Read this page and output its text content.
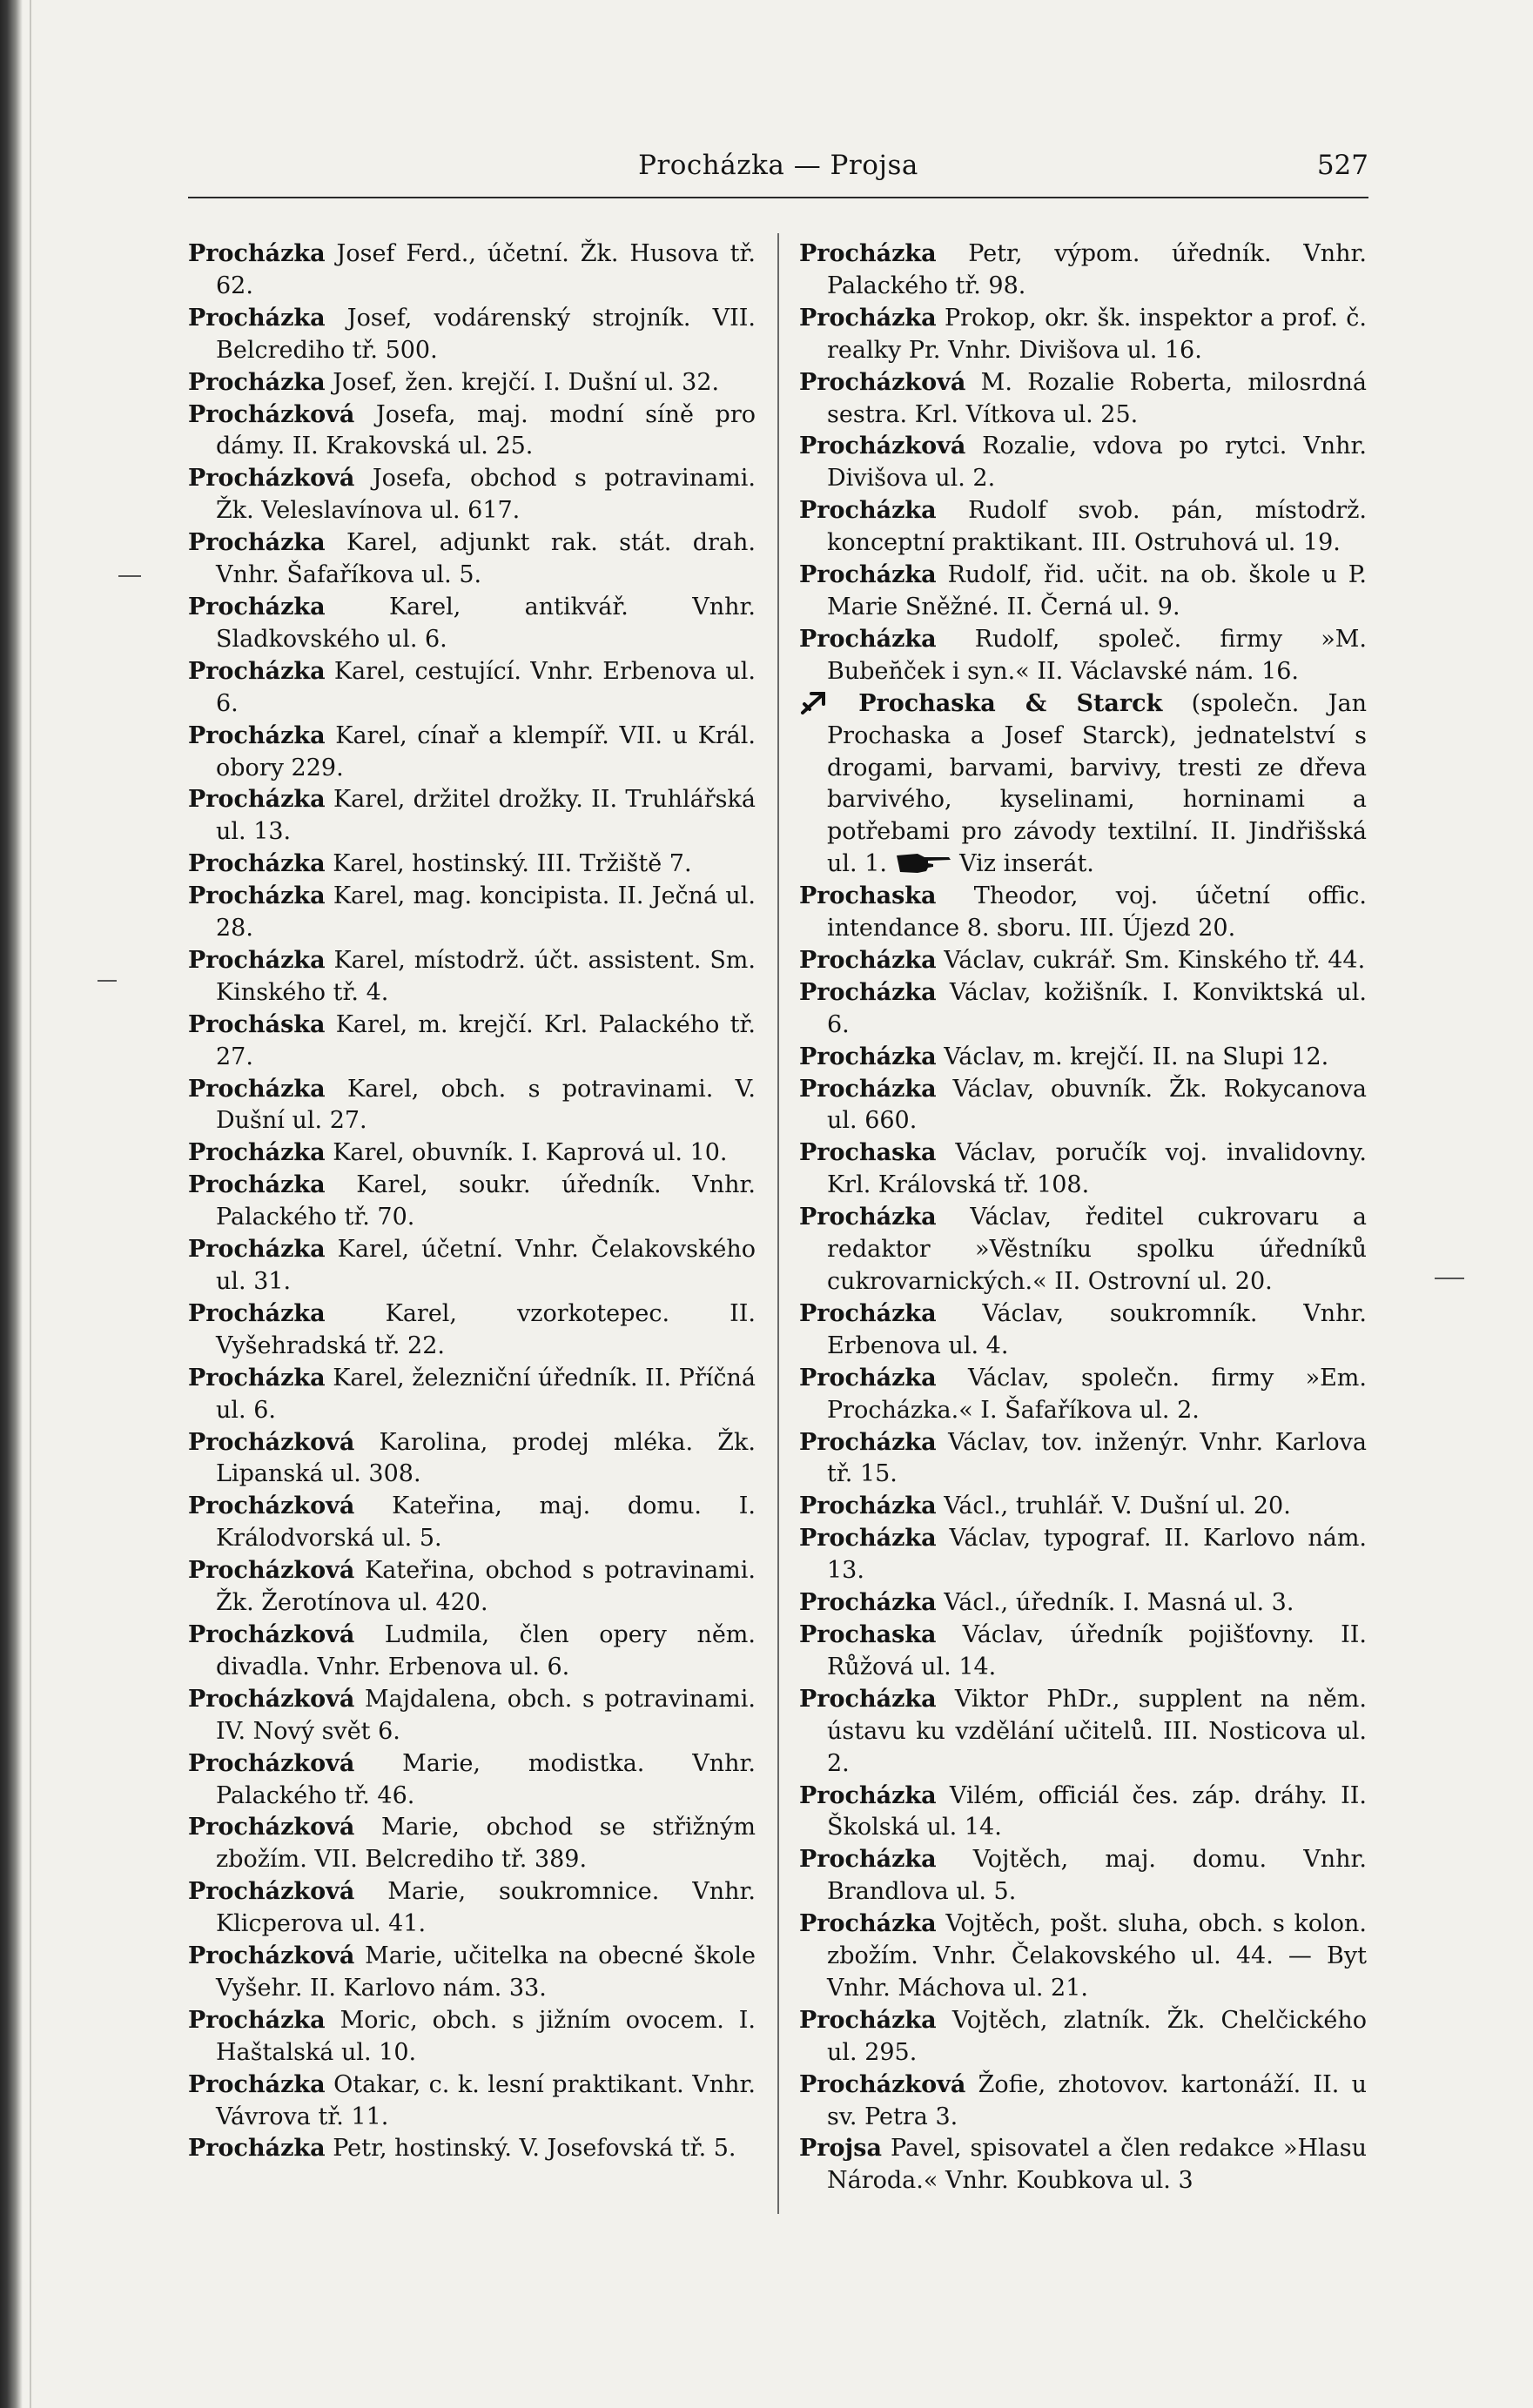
Procházka — Projsa	527

Procházka Josef Ferd., účetní. Žk. Husova tř. 62.

Procházka Josef, vodárenský strojník. VII. Belcrediho tř. 500.

Procházka Josef, žen. krejčí. I. Dušní ul. 32.

Procházková Josefa, maj. modní síně pro dámy. II. Krakovská ul. 25.

Procházková Josefa, obchod s potravinami. Žk. Veleslavínova ul. 617.

Procházka Karel, adjunkt rak. stát. drah. Vnhr. Šafaříkova ul. 5.

Procházka Karel, antikvář. Vnhr. Sladkovského ul. 6.

Procházka Karel, cestující. Vnhr. Erbenova ul. 6.

Procházka Karel, cínař a klempíř. VII. u Král. obory 229.

Procházka Karel, držitel drožky. II. Truhlářská ul. 13.

Procházka Karel, hostinský. III. Tržiště 7.

Procházka Karel, mag. koncipista. II. Ječná ul. 28.

Procházka Karel, místodrž. účt. assistent. Sm. Kinského tř. 4.

Procháska Karel, m. krejčí. Krl. Palackého tř. 27.

Procházka Karel, obch. s potravinami. V. Dušní ul. 27.

Procházka Karel, obuvník. I. Kaprová ul. 10.

Procházka Karel, soukr. úředník. Vnhr. Palackého tř. 70.

Procházka Karel, účetní. Vnhr. Čelakovského ul. 31.

Procházka Karel, vzorkotepec. II. Vyšehradská tř. 22.

Procházka Karel, železniční úředník. II. Příčná ul. 6.

Procházková Karolina, prodej mléka. Žk. Lipanská ul. 308.

Procházková Kateřina, maj. domu. I. Králodvorská ul. 5.

Procházková Kateřina, obchod s potravinami. Žk. Žerotínova ul. 420.

Procházková Ludmila, člen opery něm. divadla. Vnhr. Erbenova ul. 6.

Procházková Majdalena, obch. s potravinami. IV. Nový svět 6.

Procházková Marie, modistka. Vnhr. Palackého tř. 46.

Procházková Marie, obchod se střižným zbožím. VII. Belcrediho tř. 389.

Procházková Marie, soukromnice. Vnhr. Klicperova ul. 41.

Procházková Marie, učitelka na obecné škole Vyšehr. II. Karlovo nám. 33.

Procházka Moric, obch. s jižním ovocem. I. Haštalská ul. 10.

Procházka Otakar, c. k. lesní praktikant. Vnhr. Vávrova tř. 11.

Procházka Petr, hostinský. V. Josefovská tř. 5.

Procházka Petr, výpom. úředník. Vnhr. Palackého tř. 98.

Procházka Prokop, okr. šk. inspektor a prof. č. realky Pr. Vnhr. Divišova ul. 16.

Procházková M. Rozalie Roberta, milosrdná sestra. Krl. Vítkova ul. 25.

Procházková Rozalie, vdova po rytci. Vnhr. Divišova ul. 2.

Procházka Rudolf svob. pán, místodrž. konceptní praktikant. III. Ostruhová ul. 19.

Procházka Rudolf, řid. učit. na ob. škole u P. Marie Sněžné. II. Černá ul. 9.

Procházka Rudolf, společ. firmy »M. Buben̆ček i syn.« II. Václavské nám. 16.

Prochaska & Starck (společn. Jan Prochaska a Josef Starck), jednatelství s drogami, barvami, barvivy, tresti ze dřeva barvivého, kyselinami, horninami a potřebami pro závody textilní. II. Jindřišská ul. 1.	Viz inserát.

Prochaska Theodor, voj. účetní offic. intendance 8. sboru. III. Újezd 20.

Procházka Václav, cukrář. Sm. Kinského tř. 44.

Procházka Václav, kožišník. I. Konviktská ul. 6.

Procházka Václav, m. krejčí. II. na Slupi 12.

Procházka Václav, obuvník. Žk. Rokycanova ul. 660.

Prochaska Václav, poručík voj. invalidovny. Krl. Královská tř. 108.

Procházka Václav, ředitel cukrovaru a redaktor »Věstníku spolku úředníků cukrovarnických.« II. Ostrovní ul. 20.

Procházka Václav, soukromník. Vnhr. Erbenova ul. 4.

Procházka Václav, společn. firmy »Em. Procházka.« I. Šafaříkova ul. 2.

Procházka Václav, tov. inženýr. Vnhr. Karlova tř. 15.

Procházka Václ., truhlář. V. Dušní ul. 20.

Procházka Václav, typograf. II. Karlovo nám. 13.

Procházka Václ., úředník. I. Masná ul. 3.

Prochaska Václav, úředník pojišťovny. II. Růžová ul. 14.

Procházka Viktor PhDr., supplent na něm. ústavu ku vzdělání učitelů. III. Nosticova ul. 2.

Procházka Vilém, officiál čes. záp. dráhy. II. Školská ul. 14.

Procházka Vojtěch, maj. domu. Vnhr. Brandlova ul. 5.

Procházka Vojtěch, pošt. sluha, obch. s kolon. zbožím. Vnhr. Čelakovského ul. 44. — Byt Vnhr. Máchova ul. 21.

Procházka Vojtěch, zlatník. Žk. Chelčického ul. 295.

Procházková Žofie, zhotovov. kartonáží. II. u sv. Petra 3.

Projsa Pavel, spisovatel a člen redakce »Hlasu Národa.« Vnhr. Koubkova ul. 3
